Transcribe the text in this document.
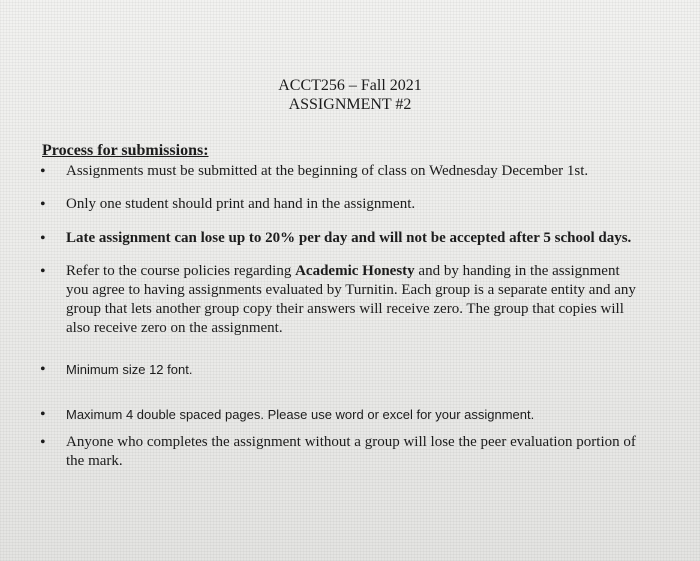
ACCT256 – Fall 2021
ASSIGNMENT #2
Process for submissions:
•	Assignments must be submitted at the beginning of class on Wednesday December 1st.
•	Only one student should print and hand in the assignment.
•	Late assignment can lose up to 20% per day and will not be accepted after 5 school days.
•	Refer to the course policies regarding Academic Honesty and by handing in the assignment you agree to having assignments evaluated by Turnitin. Each group is a separate entity and any group that lets another group copy their answers will receive zero. The group that copies will also receive zero on the assignment.
•	Minimum size 12 font.
•	Maximum 4 double spaced pages. Please use word or excel for your assignment.
•	Anyone who completes the assignment without a group will lose the peer evaluation portion of the mark.
